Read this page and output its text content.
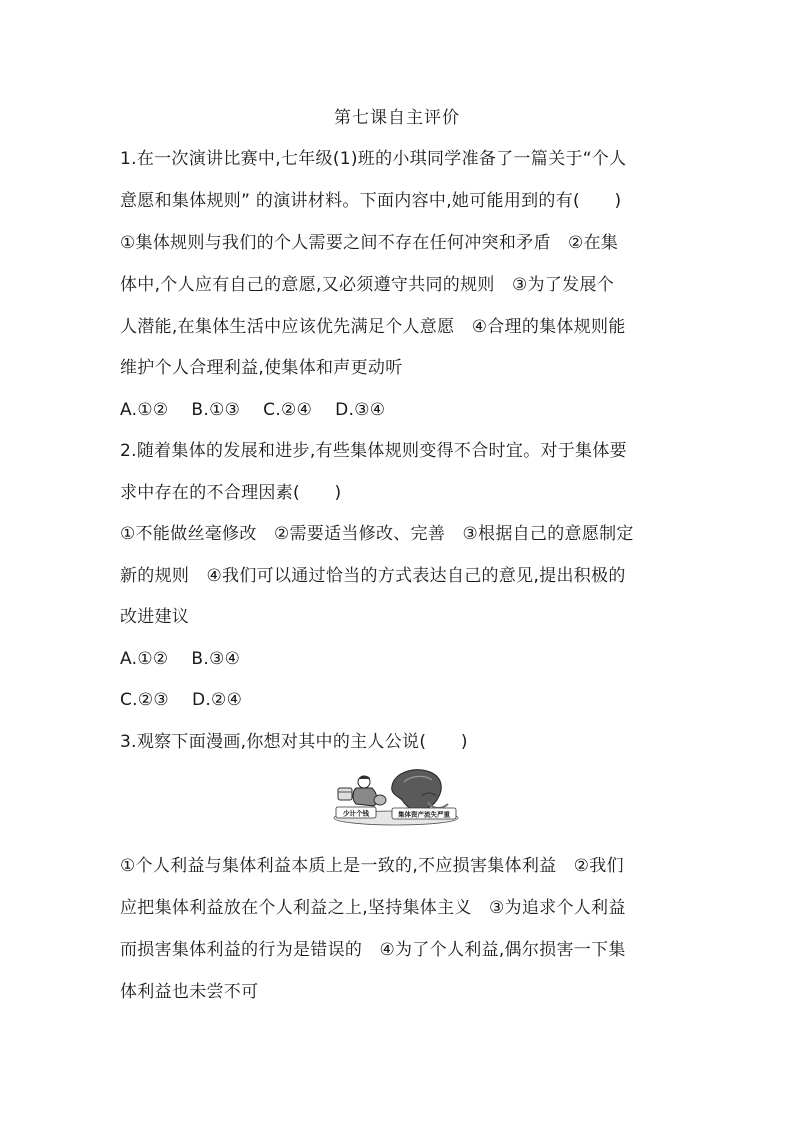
第七课自主评价
1.在一次演讲比赛中,七年级(1)班的小琪同学准备了一篇关于“个人
意愿和集体规则” 的演讲材料。下面内容中,她可能用到的有(　　)
①集体规则与我们的个人需要之间不存在任何冲突和矛盾　②在集
体中,个人应有自己的意愿,又必须遵守共同的规则　③为了发展个
人潜能,在集体生活中应该优先满足个人意愿　④合理的集体规则能
维护个人合理利益,使集体和声更动听
A.①②　 B.①③　 C.②④　 D.③④
2.随着集体的发展和进步,有些集体规则变得不合时宜。对于集体要
求中存在的不合理因素(　　)
①不能做丝毫修改　②需要适当修改、完善　③根据自己的意愿制定
新的规则　④我们可以通过恰当的方式表达自己的意见,提出积极的
改进建议
A.①②　 B.③④
C.②③　 D.②④
3.观察下面漫画,你想对其中的主人公说(　　)
少计个钱	集体资产流失严重
①个人利益与集体利益本质上是一致的,不应损害集体利益　②我们
应把集体利益放在个人利益之上,坚持集体主义　③为追求个人利益
而损害集体利益的行为是错误的　④为了个人利益,偶尔损害一下集
体利益也未尝不可
